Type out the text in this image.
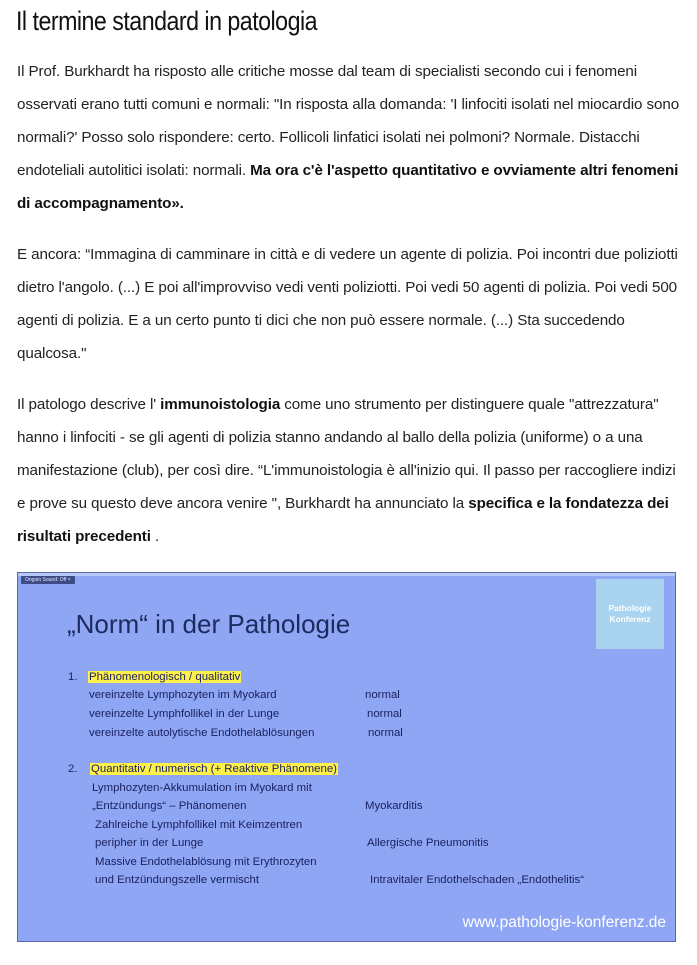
Il termine standard in patologia

Il Prof. Burkhardt ha risposto alle critiche mosse dal team di specialisti secondo cui i fenomeni osservati erano tutti comuni e normali: "In risposta alla domanda: 'I linfociti isolati nel miocardio sono normali?' Posso solo rispondere: certo. Follicoli linfatici isolati nei polmoni? Normale. Distacchi endoteliali autolitici isolati: normali. Ma ora c'è l'aspetto quantitativo e ovviamente altri fenomeni di accompagnamento».

E ancora: “Immagina di camminare in città e di vedere un agente di polizia. Poi incontri due poliziotti dietro l'angolo. (...) E poi all'improvviso vedi venti poliziotti. Poi vedi 50 agenti di polizia. Poi vedi 500 agenti di polizia. E a un certo punto ti dici che non può essere normale. (...) Sta succedendo qualcosa."

Il patologo descrive l' immunoistologia come uno strumento per distinguere quale "attrezzatura" hanno i linfociti - se gli agenti di polizia stanno andando al ballo della polizia (uniforme) o a una manifestazione (club), per così dire. “L'immunoistologia è all'inizio qui. Il passo per raccogliere indizi e prove su questo deve ancora venire ", Burkhardt ha annunciato la specifica e la fondatezza dei risultati precedenti .

Ongoin Sound: Off ×
Pathologie
Konferenz
„Norm“ in der Pathologie
1. Phänomenologisch / qualitativ
vereinzelte Lymphozyten im Myokard	normal
vereinzelte Lymphfollikel in der Lunge	normal
vereinzelte autolytische Endothelablösungen	normal
2. Quantitativ / numerisch (+ Reaktive Phänomene)
Lymphozyten-Akkumulation im Myokard mit
„Entzündungs“ – Phänomenen	Myokarditis
Zahlreiche Lymphfollikel mit Keimzentren
peripher in der Lunge	Allergische Pneumonitis
Massive Endothelablösung mit Erythrozyten
und Entzündungszelle vermischt	Intravitaler Endothelschaden „Endothelitis“
www.pathologie-konferenz.de
